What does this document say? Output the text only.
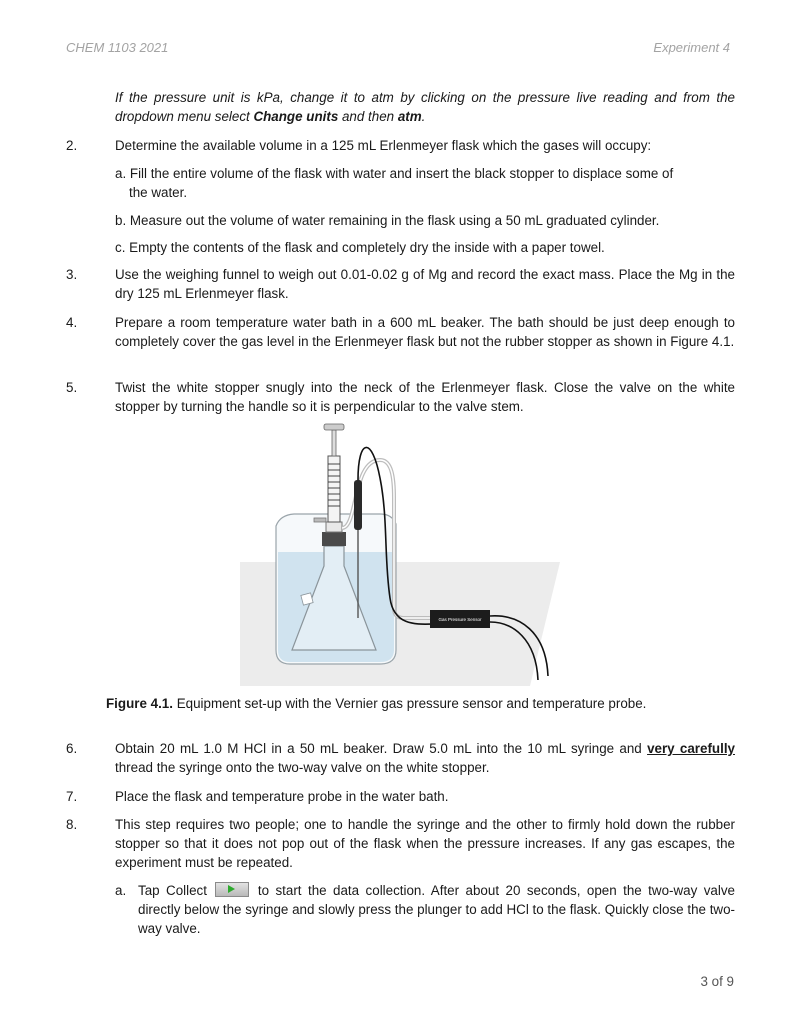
CHEM 1103 2021	Experiment 4
If the pressure unit is kPa, change it to atm by clicking on the pressure live reading and from the dropdown menu select Change units and then atm.
2.	Determine the available volume in a 125 mL Erlenmeyer flask which the gases will occupy:
a. Fill the entire volume of the flask with water and insert the black stopper to displace some of
the water.
b. Measure out the volume of water remaining in the flask using a 50 mL graduated cylinder.
c. Empty the contents of the flask and completely dry the inside with a paper towel.
3.	Use the weighing funnel to weigh out 0.01-0.02 g of Mg and record the exact mass. Place the Mg in the dry 125 mL Erlenmeyer flask.
4.	Prepare a room temperature water bath in a 600 mL beaker. The bath should be just deep enough to completely cover the gas level in the Erlenmeyer flask but not the rubber stopper as shown in Figure 4.1.
5.	Twist the white stopper snugly into the neck of the Erlenmeyer flask. Close the valve on the white stopper by turning the handle so it is perpendicular to the valve stem.
Gas Pressure Sensor
Figure 4.1. Equipment set-up with the Vernier gas pressure sensor and temperature probe.
6.	Obtain 20 mL 1.0 M HCl in a 50 mL beaker. Draw 5.0 mL into the 10 mL syringe and very carefully thread the syringe onto the two-way valve on the white stopper.
7.	Place the flask and temperature probe in the water bath.
8.	This step requires two people; one to handle the syringe and the other to firmly hold down the rubber stopper so that it does not pop out of the flask when the pressure increases. If any gas escapes, the experiment must be repeated.
a. Tap Collect	to start the data collection. After about 20 seconds, open the two-way valve directly below the syringe and slowly press the plunger to add HCl to the flask. Quickly close the two-way valve.
3 of 9
